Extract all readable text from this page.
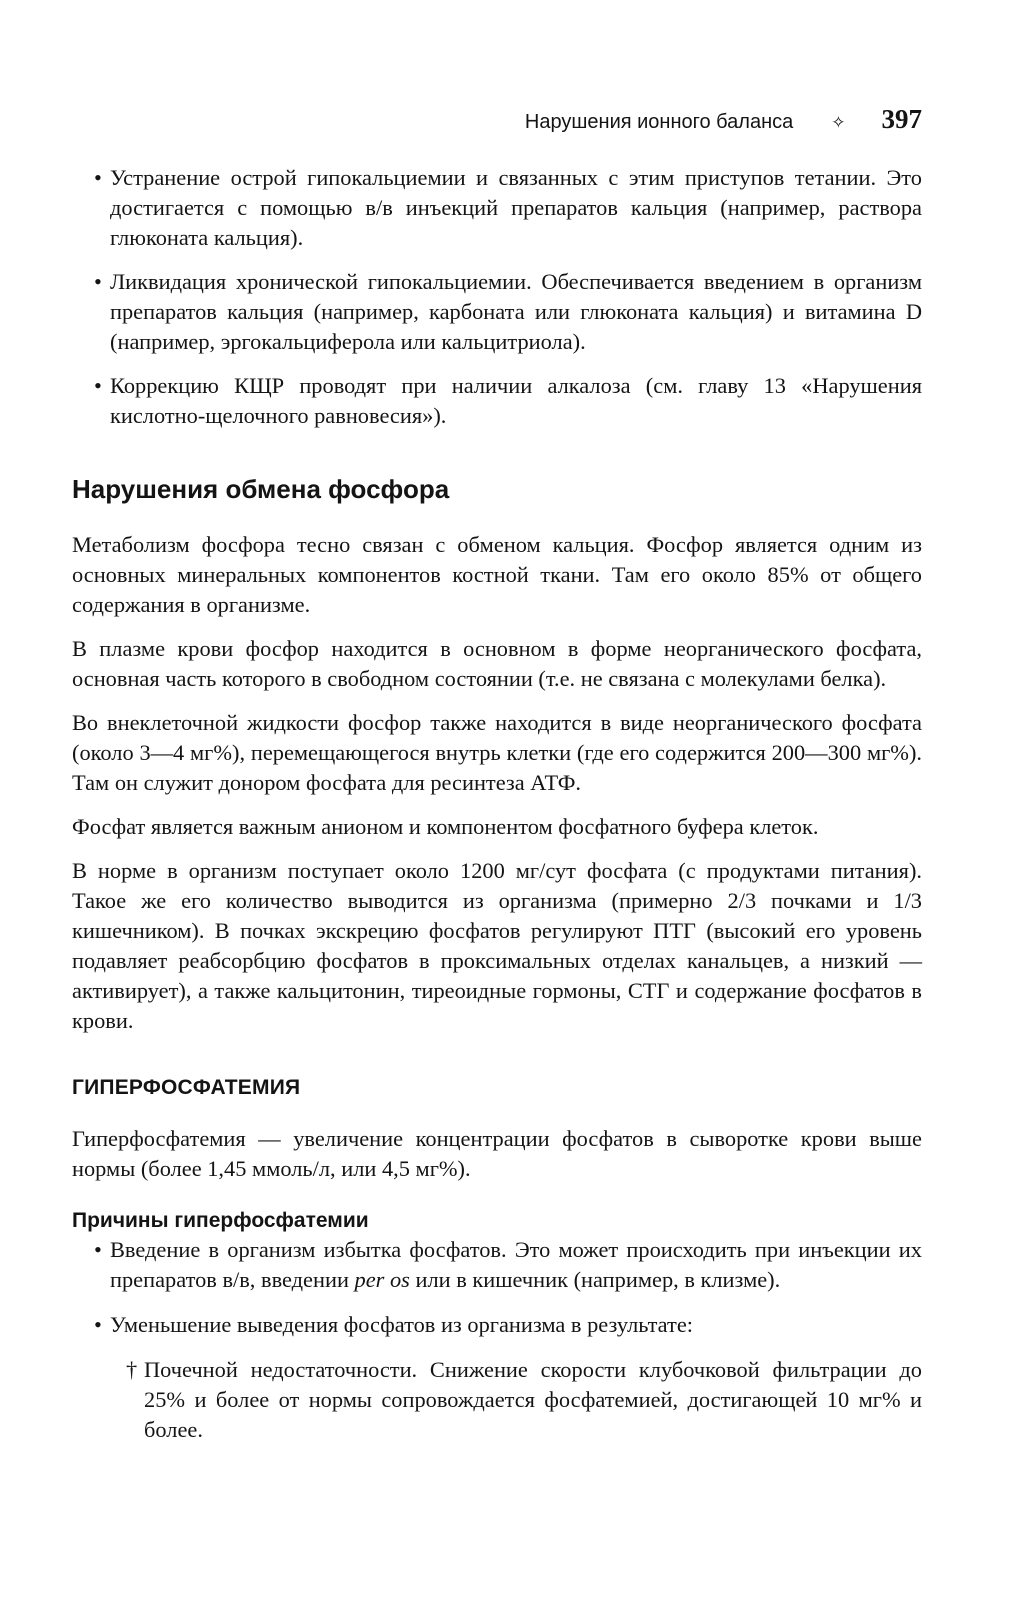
Нарушения ионного баланса ✧ 397
• Устранение острой гипокальциемии и связанных с этим приступов тетании. Это достигается с помощью в/в инъекций препаратов кальция (например, раствора глюконата кальция).
• Ликвидация хронической гипокальциемии. Обеспечивается введением в организм препаратов кальция (например, карбоната или глюконата кальция) и витамина D (например, эргокальциферола или кальцитриола).
• Коррекцию КЩР проводят при наличии алкалоза (см. главу 13 «Нарушения кислотно-щелочного равновесия»).
Нарушения обмена фосфора

Метаболизм фосфора тесно связан с обменом кальция. Фосфор является одним из основных минеральных компонентов костной ткани. Там его около 85% от общего содержания в организме.

В плазме крови фосфор находится в основном в форме неорганического фосфата, основная часть которого в свободном состоянии (т.е. не связана с молекулами белка).

Во внеклеточной жидкости фосфор также находится в виде неорганического фосфата (около 3—4 мг%), перемещающегося внутрь клетки (где его содержится 200—300 мг%). Там он служит донором фосфата для ресинтеза АТФ.

Фосфат является важным анионом и компонентом фосфатного буфера клеток.

В норме в организм поступает около 1200 мг/сут фосфата (с продуктами питания). Такое же его количество выводится из организма (примерно 2/3 почками и 1/3 кишечником). В почках экскрецию фосфатов регулируют ПТГ (высокий его уровень подавляет реабсорбцию фосфатов в проксимальных отделах канальцев, а низкий — активирует), а также кальцитонин, тиреоидные гормоны, СТГ и содержание фосфатов в крови.

ГИПЕРФОСФАТЕМИЯ

Гиперфосфатемия — увеличение концентрации фосфатов в сыворотке крови выше нормы (более 1,45 ммоль/л, или 4,5 мг%).

Причины гиперфосфатемии
• Введение в организм избытка фосфатов. Это может происходить при инъекции их препаратов в/в, введении per os или в кишечник (например, в клизме).
• Уменьшение выведения фосфатов из организма в результате:
† Почечной недостаточности. Снижение скорости клубочковой фильтрации до 25% и более от нормы сопровождается фосфатемией, достигающей 10 мг% и более.
